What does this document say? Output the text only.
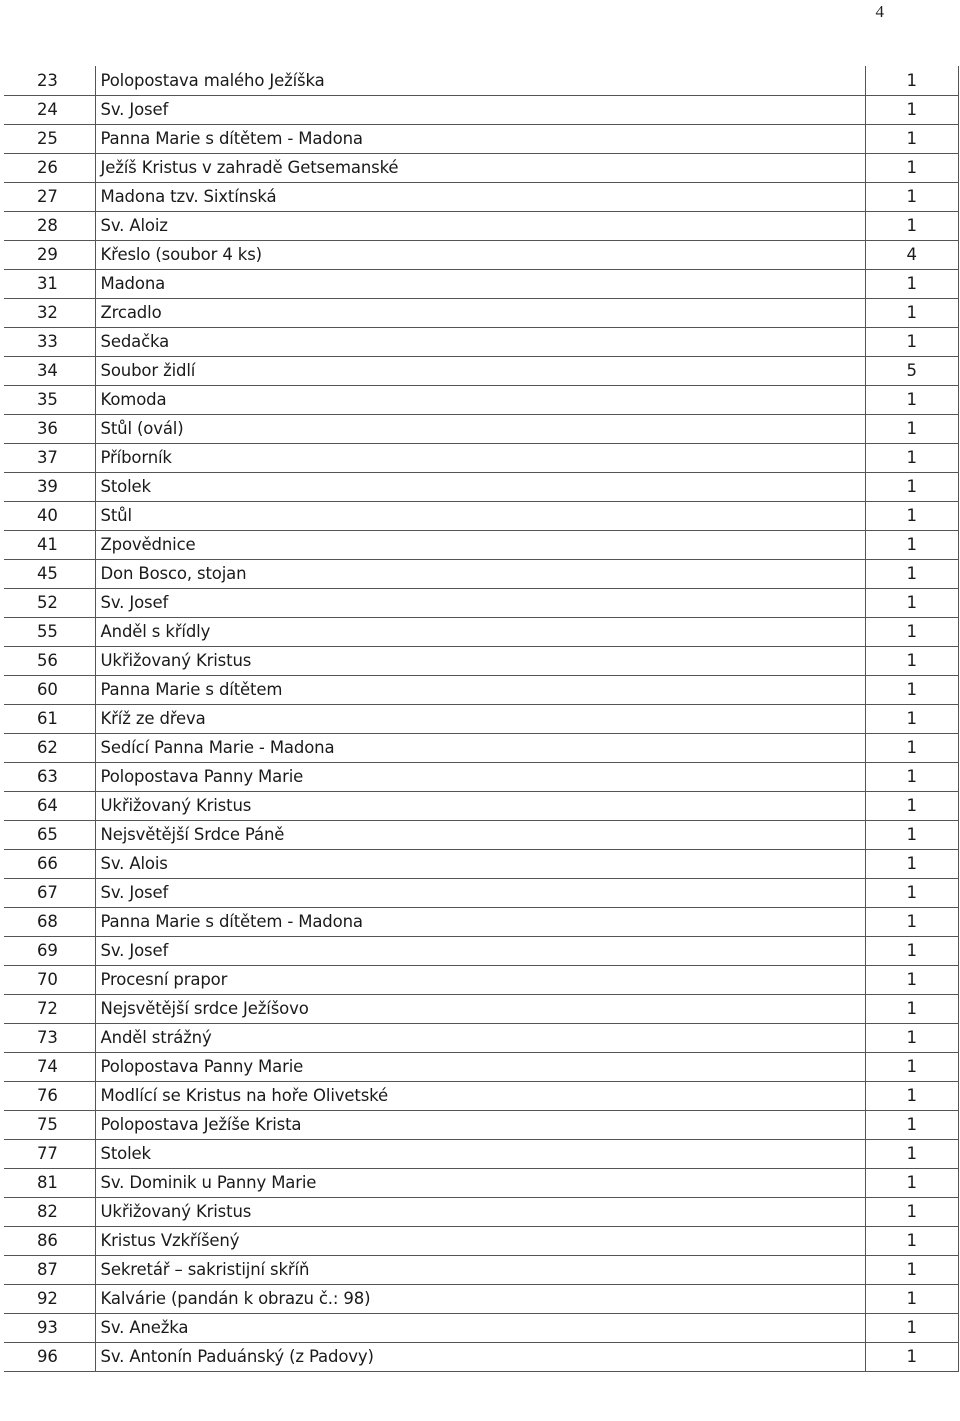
4
23	Polopostava malého Ježíška	1
24	Sv. Josef	1
25	Panna Marie s dítětem - Madona	1
26	Ježíš Kristus v zahradě Getsemanské	1
27	Madona tzv. Sixtínská	1
28	Sv. Aloiz	1
29	Křeslo (soubor 4 ks)	4
31	Madona	1
32	Zrcadlo	1
33	Sedačka	1
34	Soubor židlí	5
35	Komoda	1
36	Stůl (ovál)	1
37	Příborník	1
39	Stolek	1
40	Stůl	1
41	Zpovědnice	1
45	Don Bosco, stojan	1
52	Sv. Josef	1
55	Anděl s křídly	1
56	Ukřižovaný Kristus	1
60	Panna Marie s dítětem	1
61	Kříž ze dřeva	1
62	Sedící Panna Marie - Madona	1
63	Polopostava Panny Marie	1
64	Ukřižovaný Kristus	1
65	Nejsvětější Srdce Páně	1
66	Sv. Alois	1
67	Sv. Josef	1
68	Panna Marie s dítětem - Madona	1
69	Sv. Josef	1
70	Procesní prapor	1
72	Nejsvětější srdce Ježíšovo	1
73	Anděl strážný	1
74	Polopostava Panny Marie	1
76	Modlící se Kristus na hoře Olivetské	1
75	Polopostava Ježíše Krista	1
77	Stolek	1
81	Sv. Dominik u Panny Marie	1
82	Ukřižovaný Kristus	1
86	Kristus Vzkříšený	1
87	Sekretář – sakristijní skříň	1
92	Kalvárie (pandán k obrazu č.: 98)	1
93	Sv. Anežka	1
96	Sv. Antonín Paduánský (z Padovy)	1
